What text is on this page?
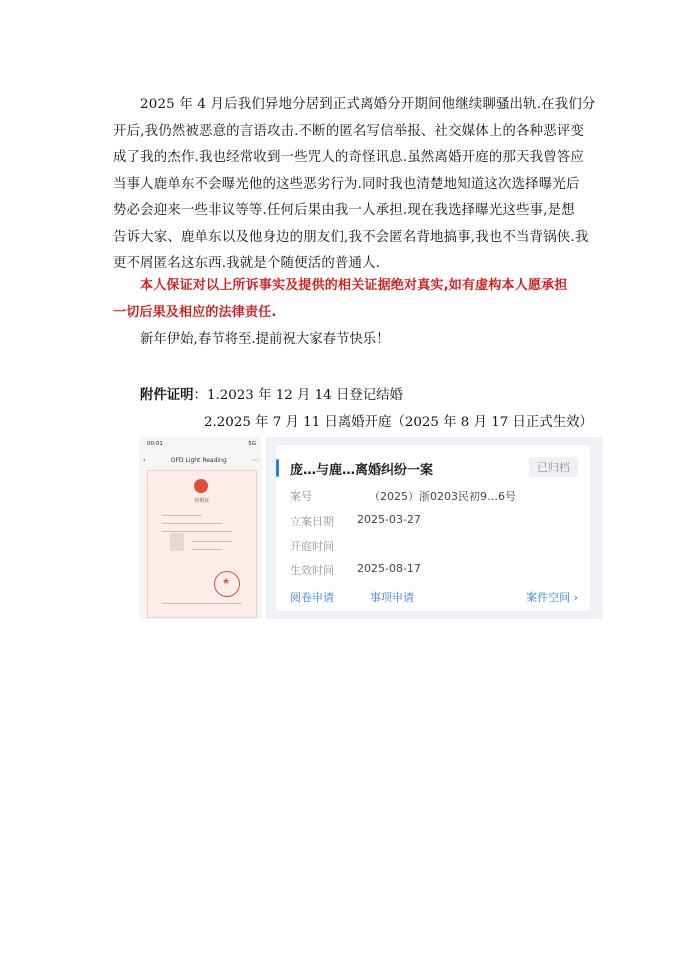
2025 年 4 月后我们异地分居到正式离婚分开期间他继续聊骚出轨.在我们分
开后,我仍然被恶意的言语攻击.不断的匿名写信举报、社交媒体上的各种恶评变
成了我的杰作.我也经常收到一些咒人的奇怪讯息.虽然离婚开庭的那天我曾答应
当事人鹿单东不会曝光他的这些恶劣行为.同时我也清楚地知道这次选择曝光后
势必会迎来一些非议等等.任何后果由我一人承担.现在我选择曝光这些事,是想
告诉大家、鹿单东以及他身边的朋友们,我不会匿名背地搞事,我也不当背锅侠.我
更不屑匿名这东西.我就是个随便活的普通人.
本人保证对以上所诉事实及提供的相关证据绝对真实,如有虚构本人愿承担
一切后果及相应的法律责任.
新年伊始,春节将至.提前祝大家春节快乐！
附件证明：1.2023 年 12 月 14 日登记结婚
2.2025 年 7 月 11 日离婚开庭（2025 年 8 月 17 日正式生效）
00:01	5G
‹	OFD Light Reading	⋯
结婚证
★
庞…与鹿…离婚纠纷一案	已归档
案号	（2025）浙0203民初9…6号
立案日期 2025-03-27
开庭时间
生效时间 2025-08-17
阅卷申请	事项申请	案件空间 ›
